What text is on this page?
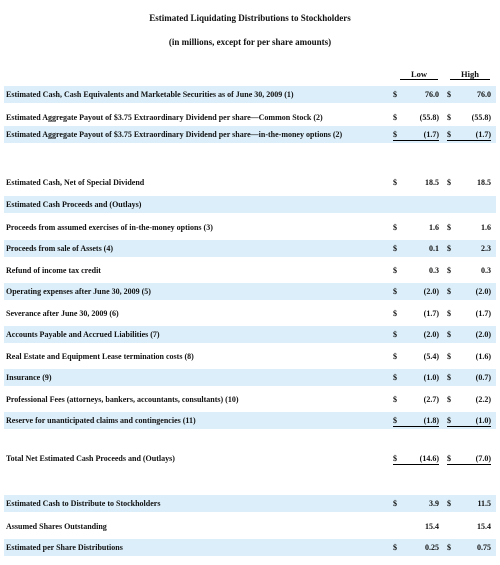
Estimated Liquidating Distributions to Stockholders
(in millions, except for per share amounts)
Low	High
Estimated Cash, Cash Equivalents and Marketable Securities as of June 30, 2009 (1)	$	76.0 $	76.0
Estimated Aggregate Payout of $3.75 Extraordinary Dividend per share—Common Stock (2)	$	(55.8) $	(55.8)
Estimated Aggregate Payout of $3.75 Extraordinary Dividend per share—in-the-money options (2)	$	(1.7) $	(1.7)
Estimated Cash, Net of Special Dividend	$	18.5 $	18.5
Estimated Cash Proceeds and (Outlays)
Proceeds from assumed exercises of in-the-money options (3)	$	1.6 $	1.6
Proceeds from sale of Assets (4)	$	0.1 $	2.3
Refund of income tax credit	$	0.3 $	0.3
Operating expenses after June 30, 2009 (5)	$	(2.0) $	(2.0)
Severance after June 30, 2009 (6)	$	(1.7) $	(1.7)
Accounts Payable and Accrued Liabilities (7)	$	(2.0) $	(2.0)
Real Estate and Equipment Lease termination costs (8)	$	(5.4) $	(1.6)
Insurance (9)	$	(1.0) $	(0.7)
Professional Fees (attorneys, bankers, accountants, consultants) (10)	$	(2.7) $	(2.2)
Reserve for unanticipated claims and contingencies (11)	$	(1.8) $	(1.0)
Total Net Estimated Cash Proceeds and (Outlays)	$	(14.6) $	(7.0)
Estimated Cash to Distribute to Stockholders	$	3.9 $	11.5
Assumed Shares Outstanding	15.4	15.4
Estimated per Share Distributions	$	0.25 $	0.75
